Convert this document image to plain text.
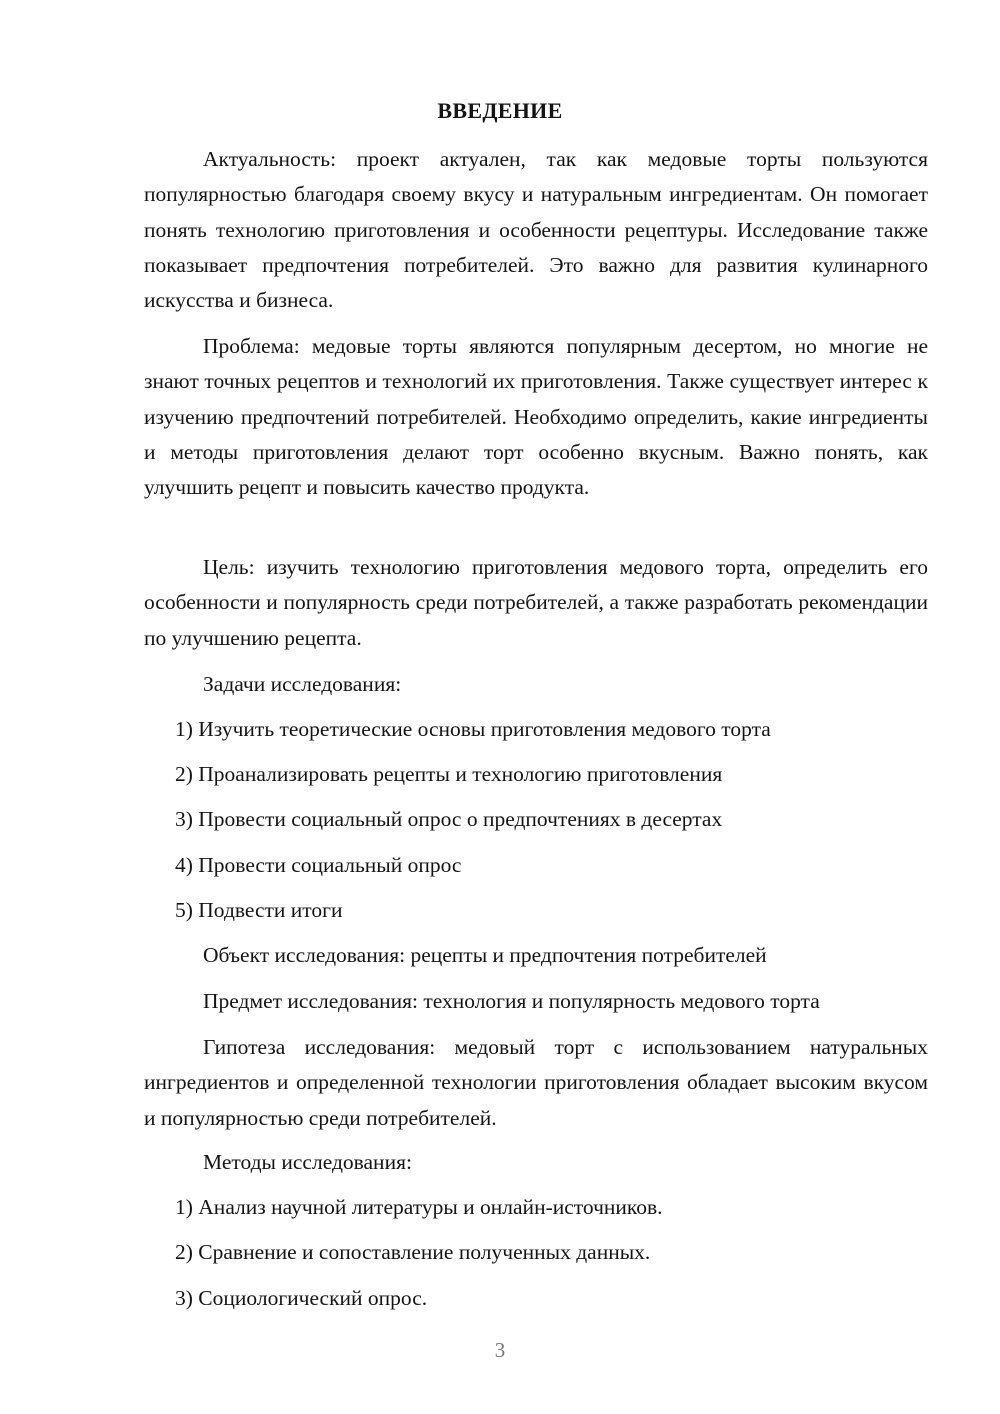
ВВЕДЕНИЕ

Актуальность: проект актуален, так как медовые торты пользуются популярностью благодаря своему вкусу и натуральным ингредиентам. Он помогает понять технологию приготовления и особенности рецептуры. Исследование также показывает предпочтения потребителей. Это важно для развития кулинарного искусства и бизнеса.

Проблема: медовые торты являются популярным десертом, но многие не знают точных рецептов и технологий их приготовления. Также существует интерес к изучению предпочтений потребителей. Необходимо определить, какие ингредиенты и методы приготовления делают торт особенно вкусным. Важно понять, как улучшить рецепт и повысить качество продукта.

Цель: изучить технологию приготовления медового торта, определить его особенности и популярность среди потребителей, а также разработать рекомендации по улучшению рецепта.

Задачи исследования:

1) Изучить теоретические основы приготовления медового торта

2) Проанализировать рецепты и технологию приготовления

3) Провести социальный опрос о предпочтениях в десертах

4) Провести социальный опрос

5) Подвести итоги

Объект исследования: рецепты и предпочтения потребителей

Предмет исследования: технология и популярность медового торта

Гипотеза исследования: медовый торт с использованием натуральных ингредиентов и определенной технологии приготовления обладает высоким вкусом и популярностью среди потребителей.

Методы исследования:

1) Анализ научной литературы и онлайн-источников.

2) Сравнение и сопоставление полученных данных.

3) Социологический опрос.

3
